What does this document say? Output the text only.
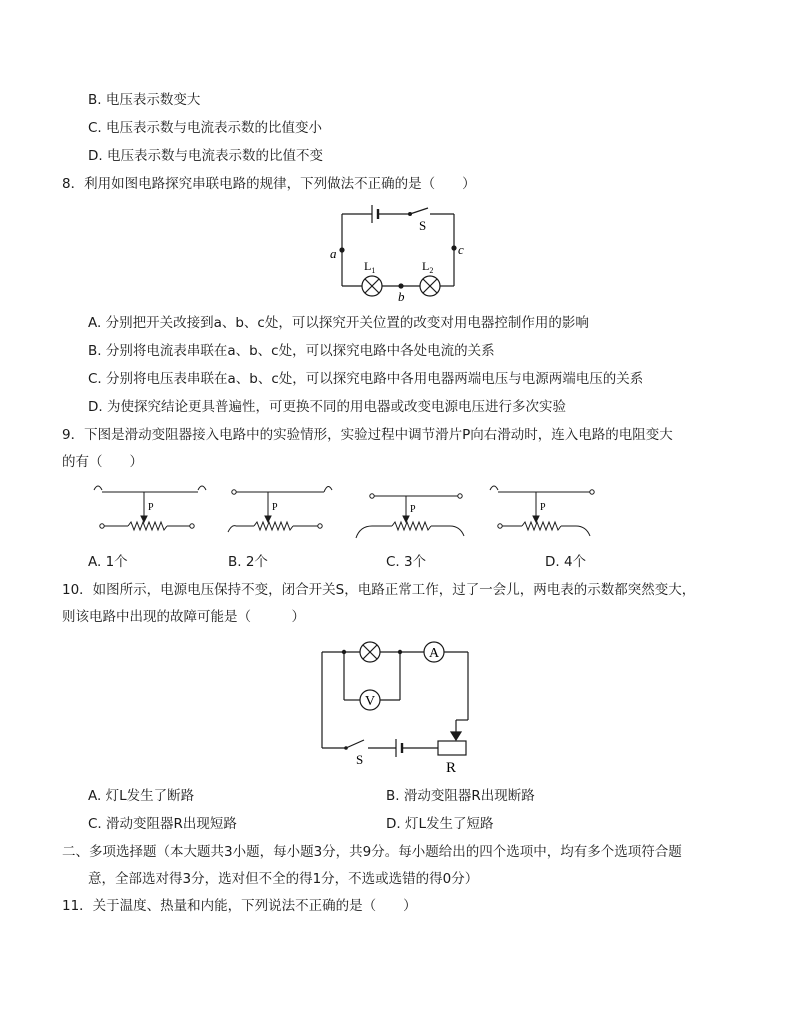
B. 电压表示数变大
C. 电压表示数与电流表示数的比值变小
D. 电压表示数与电流表示数的比值不变
8．利用如图电路探究串联电路的规律，下列做法不正确的是（　　）
S
a	c
b
$L_1$	$L_2$
A. 分别把开关改接到a、b、c处，可以探究开关位置的改变对用电器控制作用的影响
B. 分别将电流表串联在a、b、c处，可以探究电路中各处电流的关系
C. 分别将电压表串联在a、b、c处，可以探究电路中各用电器两端电压与电源两端电压的关系
D. 为使探究结论更具普遍性，可更换不同的用电器或改变电源电压进行多次实验
9．下图是滑动变阻器接入电路中的实验情形，实验过程中调节滑片P向右滑动时，连入电路的电阻变大
的有（　　）
P	P	P	P
A. 1个	B. 2个	C. 3个	D. 4个
10．如图所示，电源电压保持不变，闭合开关S，电路正常工作，过了一会儿，两电表的示数都突然变大，
则该电路中出现的故障可能是（　　　）
A
V
S
R
A. 灯L发生了断路	B. 滑动变阻器R出现断路
C. 滑动变阻器R出现短路	D. 灯L发生了短路
二、多项选择题（本大题共3小题，每小题3分，共9分。每小题给出的四个选项中，均有多个选项符合题
意，全部选对得3分，选对但不全的得1分，不选或选错的得0分）
11．关于温度、热量和内能，下列说法不正确的是（　　）
